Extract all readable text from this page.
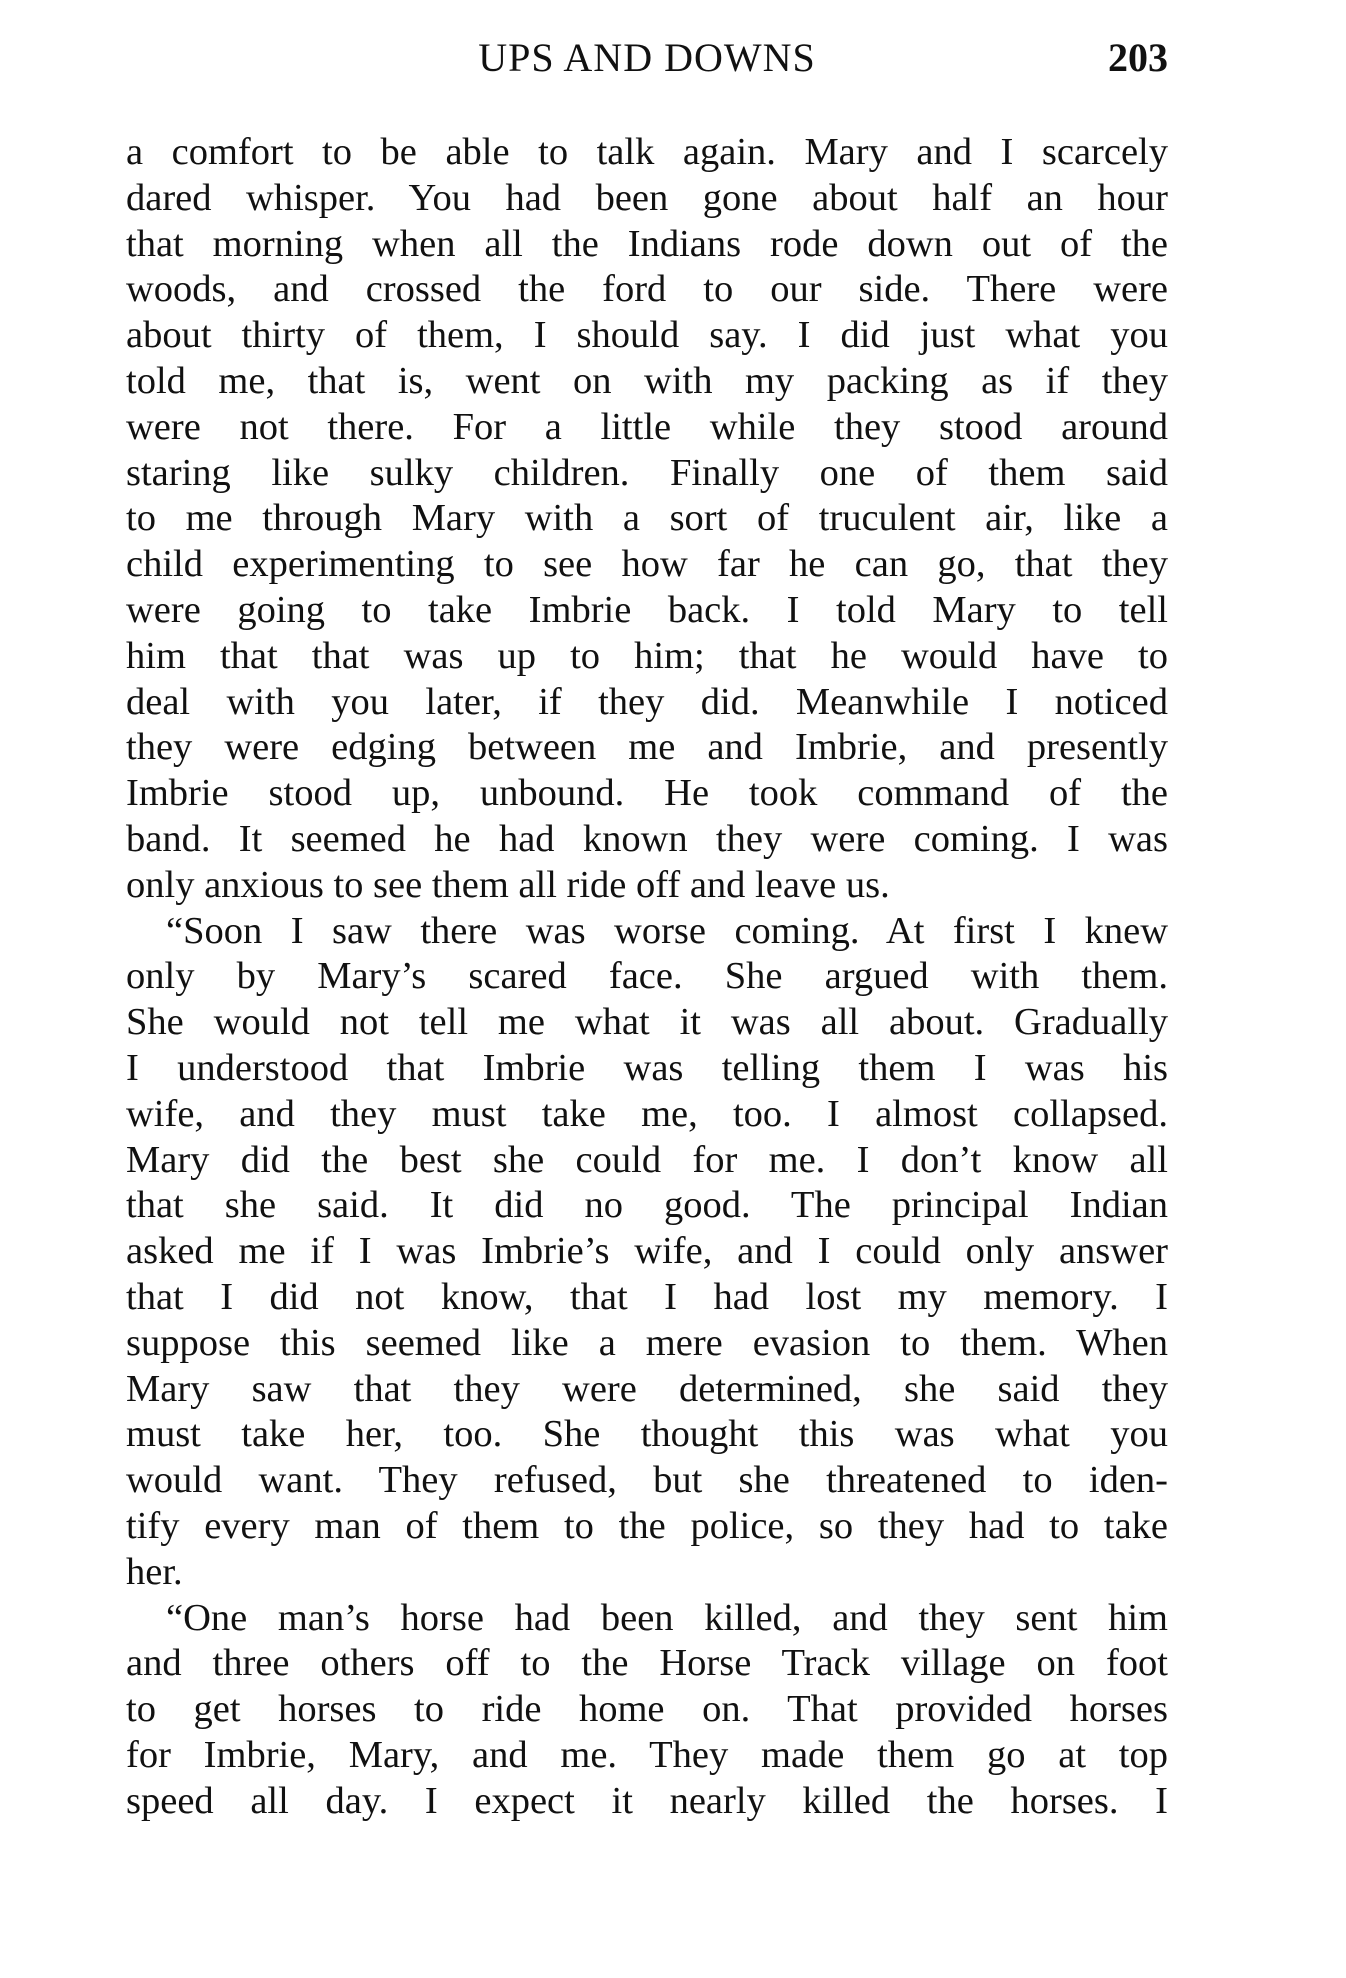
UPS AND DOWNS	203
a comfort to be able to talk again. Mary and I scarcely
dared whisper. You had been gone about half an hour
that morning when all the Indians rode down out of the
woods, and crossed the ford to our side. There were
about thirty of them, I should say. I did just what you
told me, that is, went on with my packing as if they
were not there. For a little while they stood around
staring like sulky children. Finally one of them said
to me through Mary with a sort of truculent air, like a
child experimenting to see how far he can go, that they
were going to take Imbrie back. I told Mary to tell
him that that was up to him; that he would have to
deal with you later, if they did. Meanwhile I noticed
they were edging between me and Imbrie, and presently
Imbrie stood up, unbound. He took command of the
band. It seemed he had known they were coming. I was
only anxious to see them all ride off and leave us.
“Soon I saw there was worse coming. At first I knew
only by Mary’s scared face. She argued with them.
She would not tell me what it was all about. Gradually
I understood that Imbrie was telling them I was his
wife, and they must take me, too. I almost collapsed.
Mary did the best she could for me. I don’t know all
that she said. It did no good. The principal Indian
asked me if I was Imbrie’s wife, and I could only answer
that I did not know, that I had lost my memory. I
suppose this seemed like a mere evasion to them. When
Mary saw that they were determined, she said they
must take her, too. She thought this was what you
would want. They refused, but she threatened to iden-
tify every man of them to the police, so they had to take
her.
“One man’s horse had been killed, and they sent him
and three others off to the Horse Track village on foot
to get horses to ride home on. That provided horses
for Imbrie, Mary, and me. They made them go at top
speed all day. I expect it nearly killed the horses. I
